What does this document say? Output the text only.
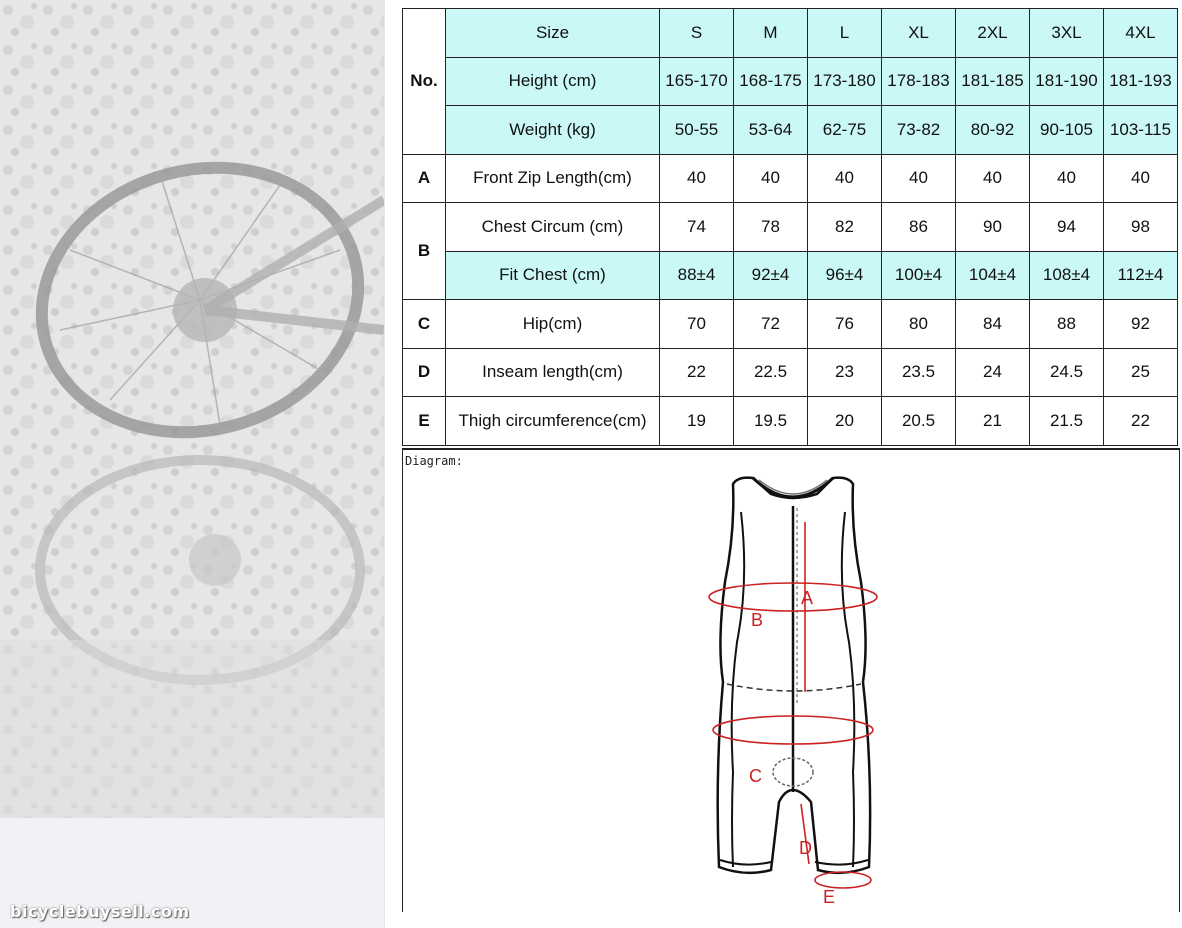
bicyclebuysell.com
No.	Size	S	M	L	XL	2XL	3XL	4XL
	Height (cm)	165-170	168-175	173-180	178-183	181-185	181-190	181-193
	Weight (kg)	50-55	53-64	62-75	73-82	80-92	90-105	103-115
A	Front Zip Length(cm)	40	40	40	40	40	40	40
B	Chest Circum (cm)	74	78	82	86	90	94	98
	Fit Chest (cm)	88±4	92±4	96±4	100±4	104±4	108±4	112±4
C	Hip(cm)	70	72	76	80	84	88	92
D	Inseam length(cm)	22	22.5	23	23.5	24	24.5	25
E	Thigh circumference(cm)	19	19.5	20	20.5	21	21.5	22
Diagram:
A
B
C
D
E
